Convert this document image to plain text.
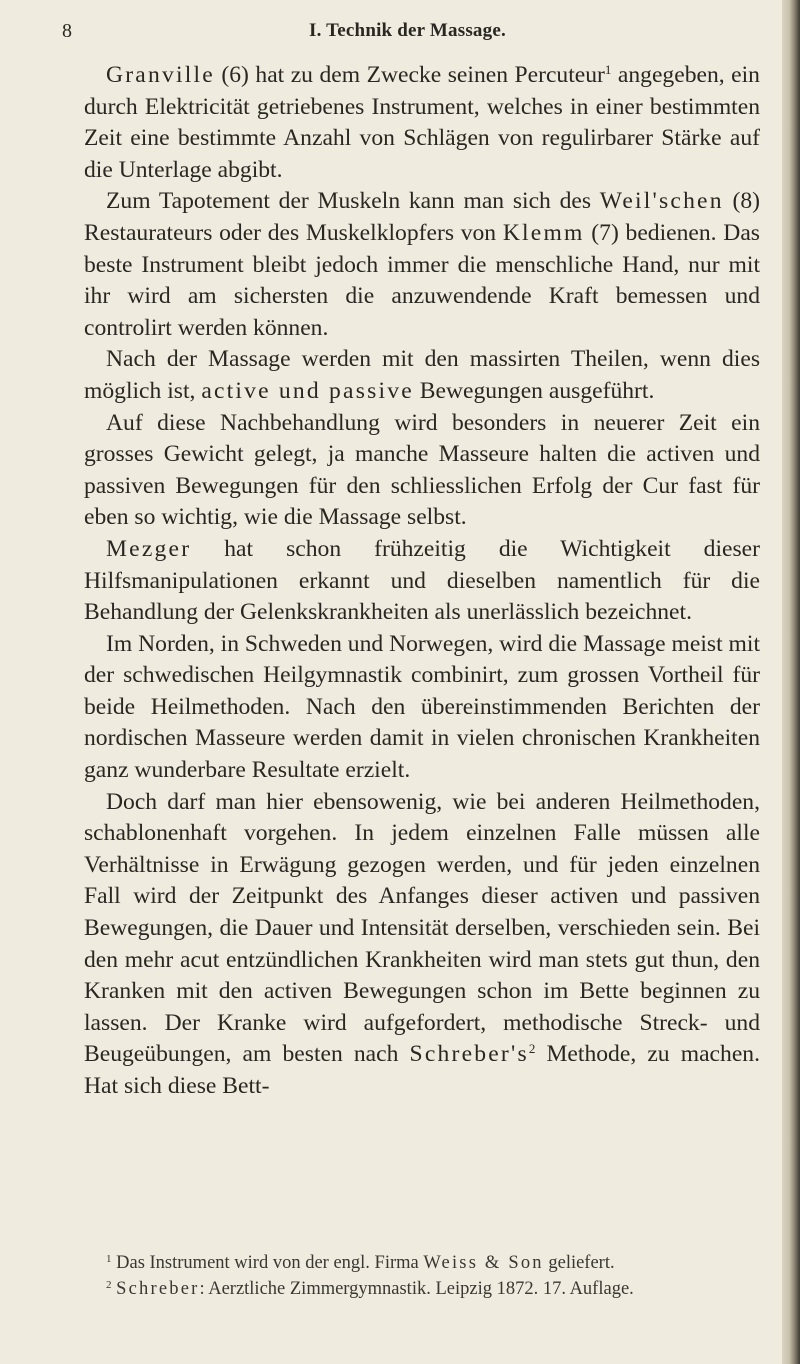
8	I. Technik der Massage.

Granville (6) hat zu dem Zwecke seinen Percuteur$^1$ angegeben, ein durch Elektricität getriebenes Instrument, welches in einer bestimmten Zeit eine bestimmte Anzahl von Schlägen von regulirbarer Stärke auf die Unterlage abgibt.

Zum Tapotement der Muskeln kann man sich des Weil'schen (8) Restaurateurs oder des Muskelklopfers von Klemm (7) bedienen. Das beste Instrument bleibt jedoch immer die menschliche Hand, nur mit ihr wird am sichersten die anzuwendende Kraft bemessen und controlirt werden können.

Nach der Massage werden mit den massirten Theilen, wenn dies möglich ist, active und passive Bewegungen ausgeführt.

Auf diese Nachbehandlung wird besonders in neuerer Zeit ein grosses Gewicht gelegt, ja manche Masseure halten die activen und passiven Bewegungen für den schliesslichen Erfolg der Cur fast für eben so wichtig, wie die Massage selbst.

Mezger hat schon frühzeitig die Wichtigkeit dieser Hilfsmanipulationen erkannt und dieselben namentlich für die Behandlung der Gelenkskrankheiten als unerlässlich bezeichnet.

Im Norden, in Schweden und Norwegen, wird die Massage meist mit der schwedischen Heilgymnastik combinirt, zum grossen Vortheil für beide Heilmethoden. Nach den übereinstimmenden Berichten der nordischen Masseure werden damit in vielen chronischen Krankheiten ganz wunderbare Resultate erzielt.

Doch darf man hier ebensowenig, wie bei anderen Heilmethoden, schablonenhaft vorgehen. In jedem einzelnen Falle müssen alle Verhältnisse in Erwägung gezogen werden, und für jeden einzelnen Fall wird der Zeitpunkt des Anfanges dieser activen und passiven Bewegungen, die Dauer und Intensität derselben, verschieden sein. Bei den mehr acut entzündlichen Krankheiten wird man stets gut thun, den Kranken mit den activen Bewegungen schon im Bette beginnen zu lassen. Der Kranke wird aufgefordert, methodische Streck- und Beugeübungen, am besten nach $Schreber's^2$ Methode, zu machen. Hat sich diese Bett-

$^1$ Das Instrument wird von der engl. Firma Weiss & Son geliefert.

$^2$ Schreber: Aerztliche Zimmergymnastik. Leipzig 1872. 17. Auflage.
